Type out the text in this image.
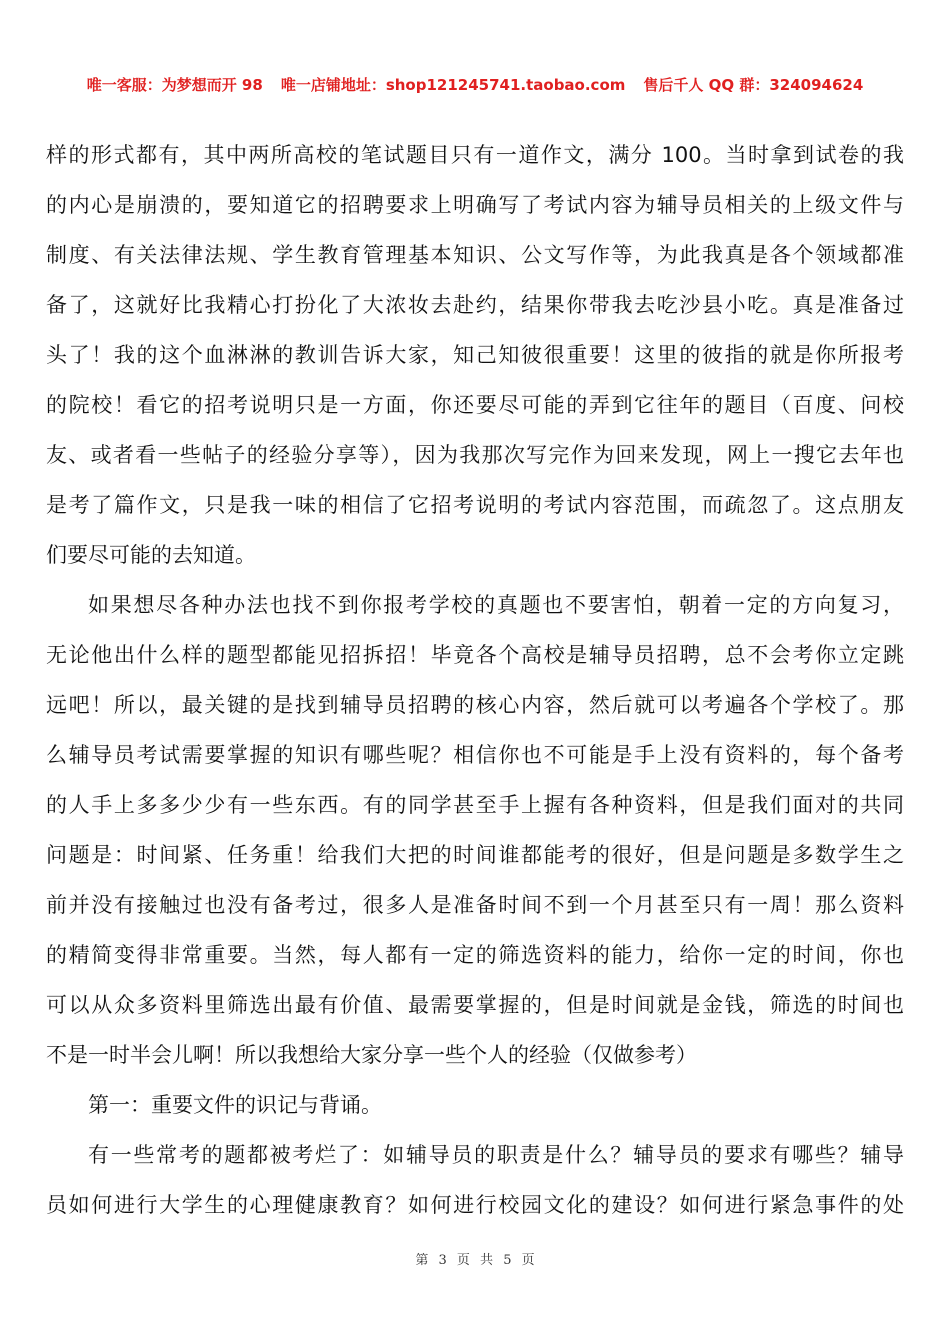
唯一客服：为梦想而开 98 唯一店铺地址：shop121245741.taobao.com 售后千人 QQ 群：324094624
样的形式都有，其中两所高校的笔试题目只有一道作文，满分 100。当时拿到试卷的我
的内心是崩溃的，要知道它的招聘要求上明确写了考试内容为辅导员相关的上级文件与
制度、有关法律法规、学生教育管理基本知识、公文写作等，为此我真是各个领域都准
备了，这就好比我精心打扮化了大浓妆去赴约，结果你带我去吃沙县小吃。真是准备过
头了！我的这个血淋淋的教训告诉大家，知己知彼很重要！这里的彼指的就是你所报考
的院校！看它的招考说明只是一方面，你还要尽可能的弄到它往年的题目（百度、问校
友、或者看一些帖子的经验分享等），因为我那次写完作为回来发现，网上一搜它去年也
是考了篇作文，只是我一味的相信了它招考说明的考试内容范围，而疏忽了。这点朋友
们要尽可能的去知道。
如果想尽各种办法也找不到你报考学校的真题也不要害怕，朝着一定的方向复习，
无论他出什么样的题型都能见招拆招！毕竟各个高校是辅导员招聘，总不会考你立定跳
远吧！所以，最关键的是找到辅导员招聘的核心内容，然后就可以考遍各个学校了。那
么辅导员考试需要掌握的知识有哪些呢？相信你也不可能是手上没有资料的，每个备考
的人手上多多少少有一些东西。有的同学甚至手上握有各种资料，但是我们面对的共同
问题是：时间紧、任务重！给我们大把的时间谁都能考的很好，但是问题是多数学生之
前并没有接触过也没有备考过，很多人是准备时间不到一个月甚至只有一周！那么资料
的精简变得非常重要。当然，每人都有一定的筛选资料的能力，给你一定的时间，你也
可以从众多资料里筛选出最有价值、最需要掌握的，但是时间就是金钱，筛选的时间也
不是一时半会儿啊！所以我想给大家分享一些个人的经验（仅做参考）
第一：重要文件的识记与背诵。
有一些常考的题都被考烂了：如辅导员的职责是什么？辅导员的要求有哪些？辅导
员如何进行大学生的心理健康教育？如何进行校园文化的建设？如何进行紧急事件的处
第 3 页 共 5 页
